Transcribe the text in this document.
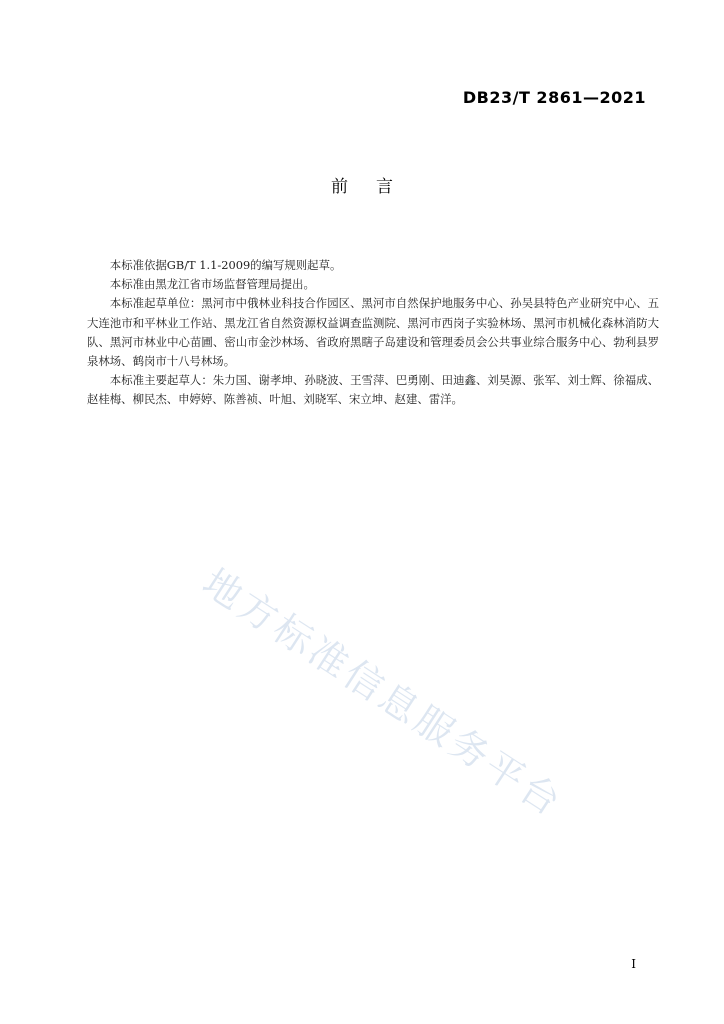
DB23/T 2861—2021
前言

本标准依据GB/T 1.1-2009的编写规则起草。

本标准由黑龙江省市场监督管理局提出。

本标准起草单位：黑河市中俄林业科技合作园区、黑河市自然保护地服务中心、孙吴县特色产业研究中心、五大连池市和平林业工作站、黑龙江省自然资源权益调查监测院、黑河市西岗子实验林场、黑河市机械化森林消防大队、黑河市林业中心苗圃、密山市金沙林场、省政府黑瞎子岛建设和管理委员会公共事业综合服务中心、勃利县罗泉林场、鹤岗市十八号林场。

本标准主要起草人：朱力国、谢孝坤、孙晓波、王雪萍、巴勇刚、田迪鑫、刘昊源、张军、刘士辉、徐福成、赵桂梅、柳民杰、申婷婷、陈善祯、叶旭、刘晓军、宋立坤、赵建、雷洋。

地方标准信息服务平台
I
